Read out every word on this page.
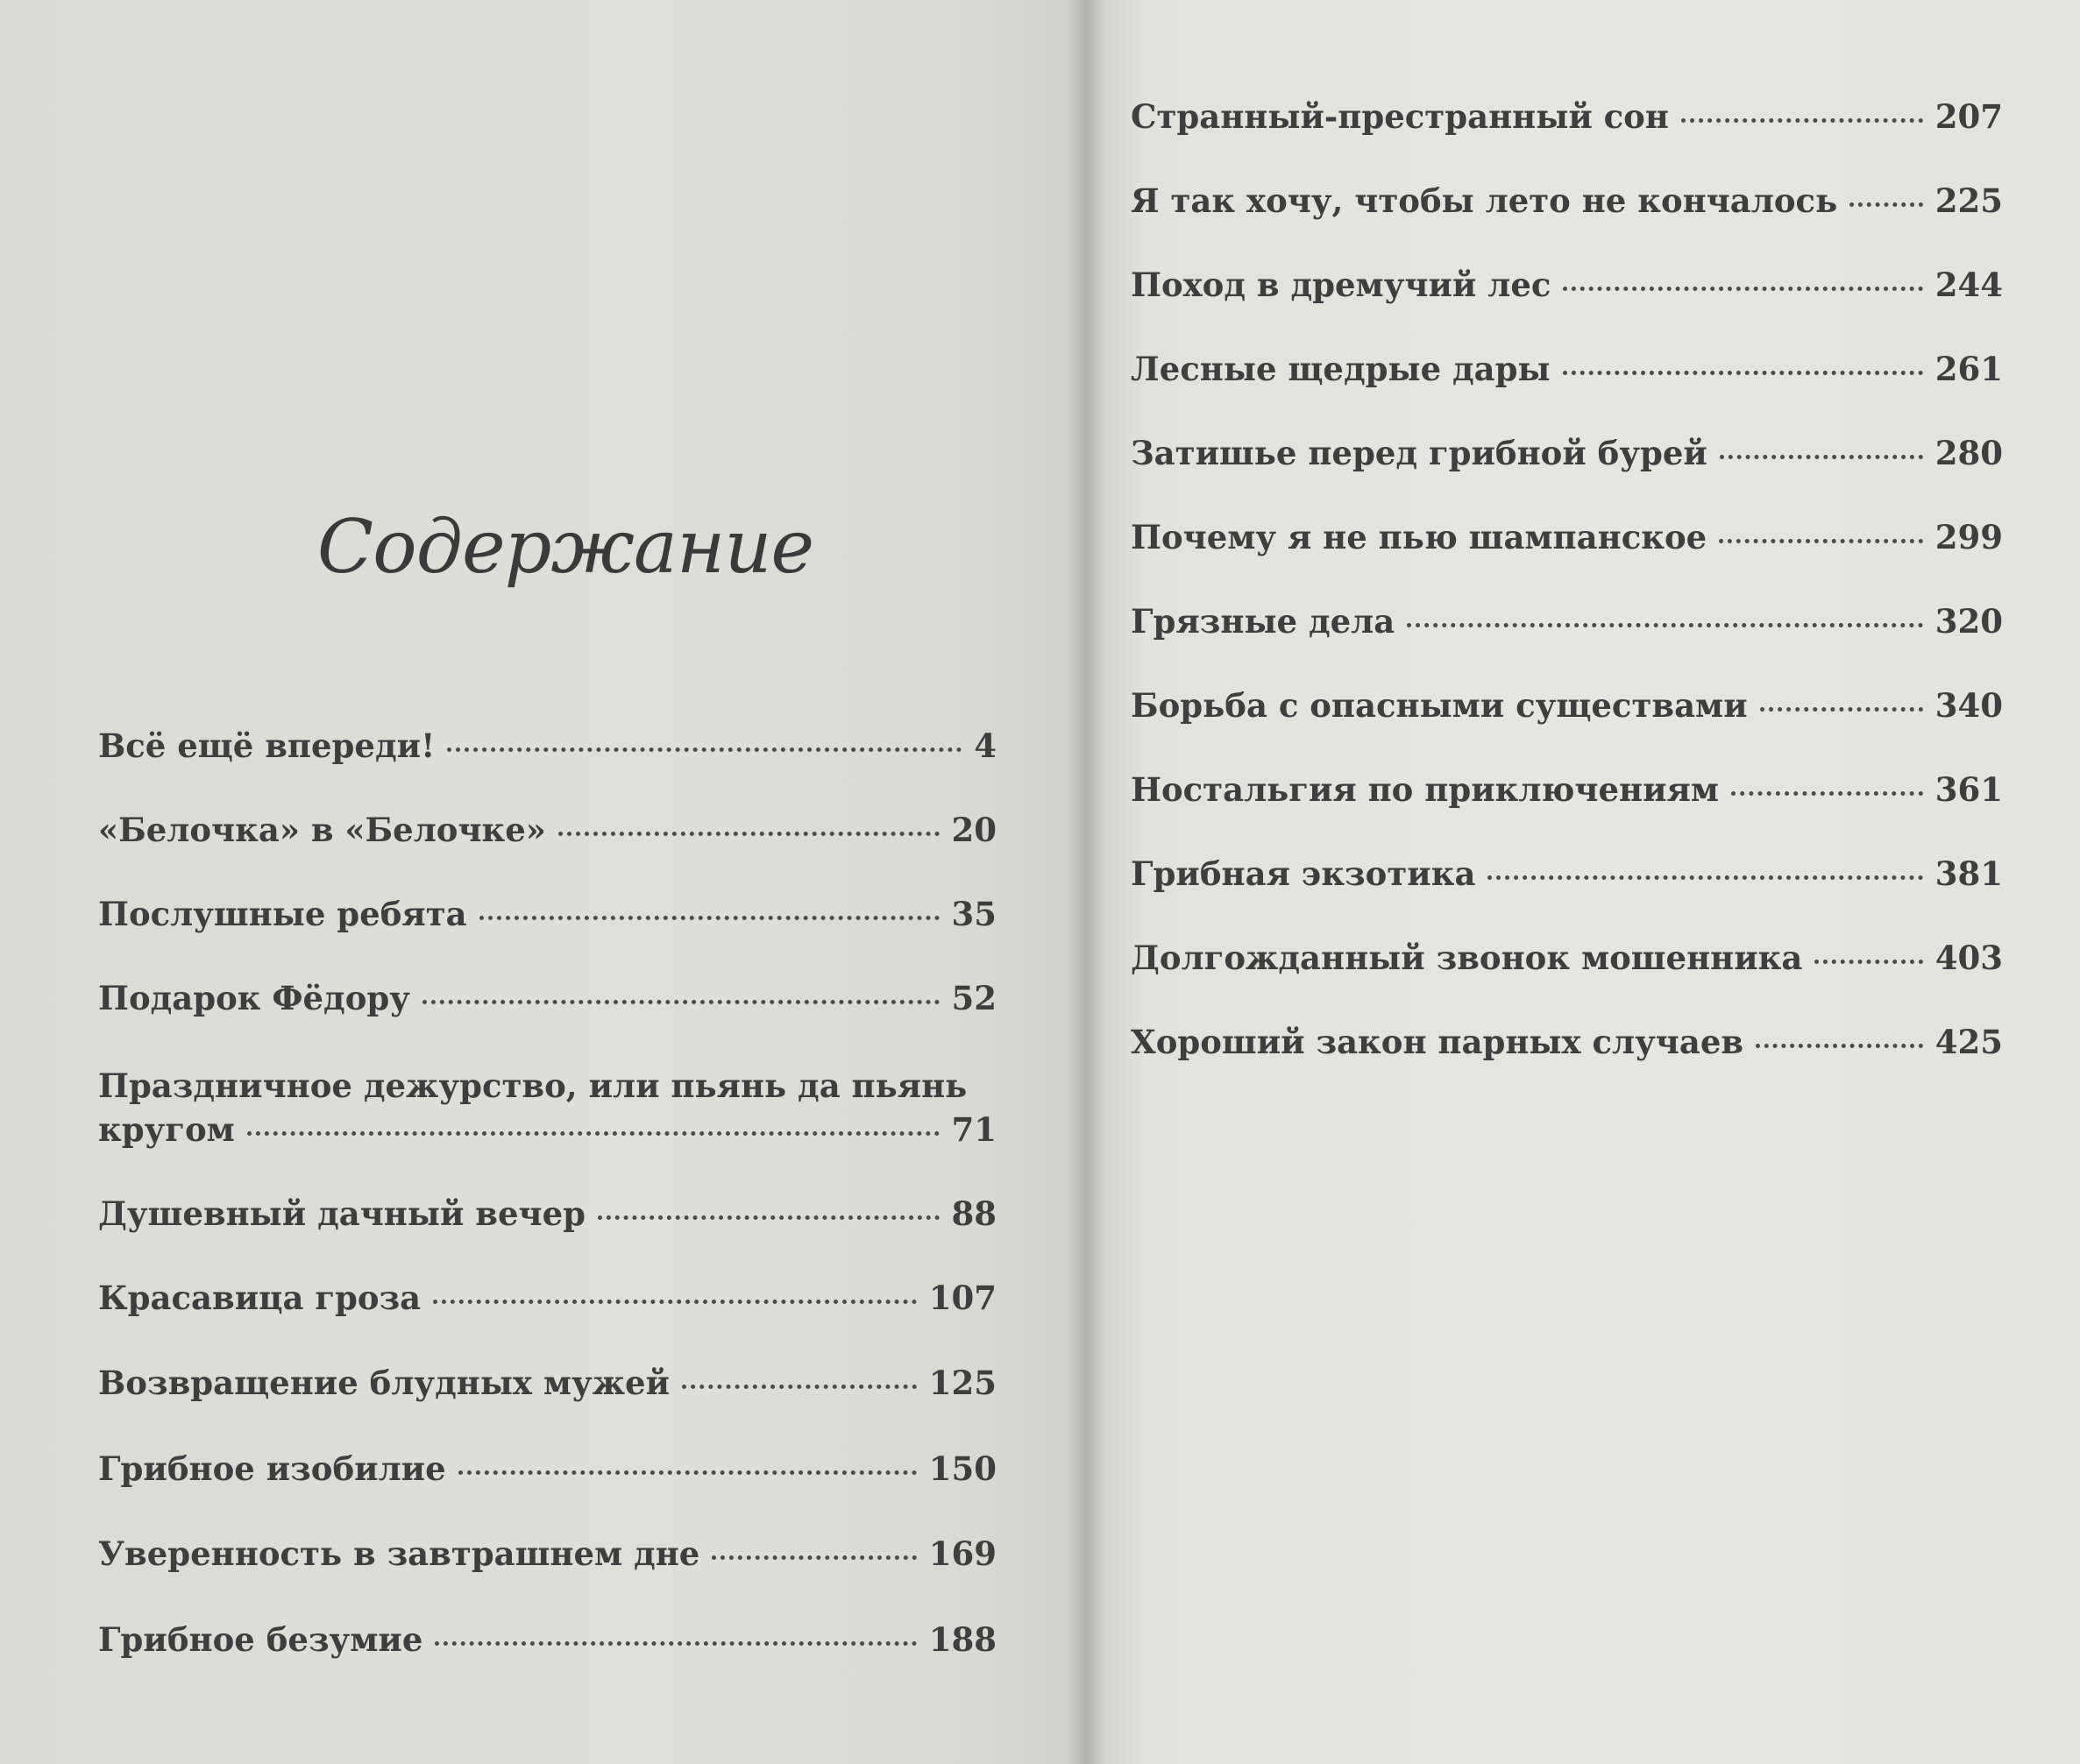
Содержание
Всё ещё впереди!	4
«Белочка» в «Белочке»	20
Послушные ребята	35
Подарок Фёдору	52
Праздничное дежурство, или пьянь да пьянь
кругом	71
Душевный дачный вечер	88
Красавица гроза	107
Возвращение блудных мужей	125
Грибное изобилие	150
Уверенность в завтрашнем дне	169
Грибное безумие	188
Странный-престранный сон	207
Я так хочу, чтобы лето не кончалось	225
Поход в дремучий лес	244
Лесные щедрые дары	261
Затишье перед грибной бурей	280
Почему я не пью шампанское	299
Грязные дела	320
Борьба с опасными существами	340
Ностальгия по приключениям	361
Грибная экзотика	381
Долгожданный звонок мошенника	403
Хороший закон парных случаев	425
